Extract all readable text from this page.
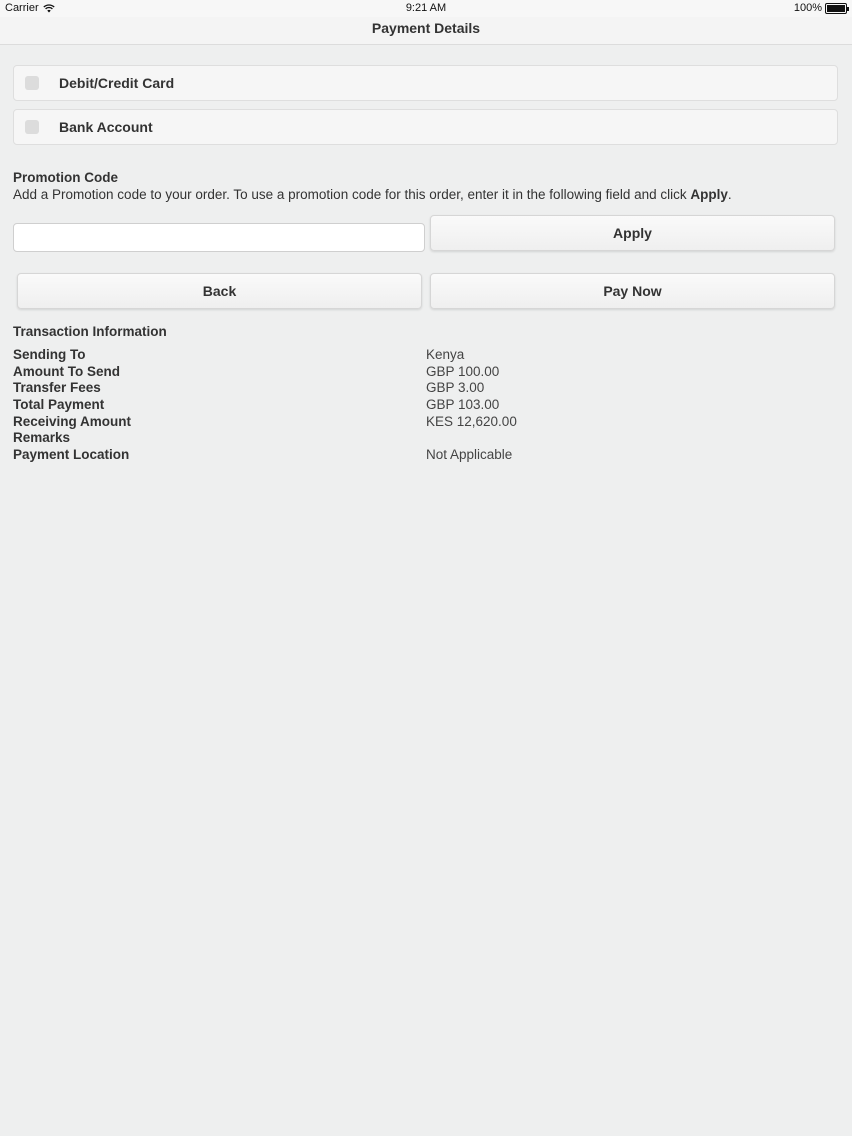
Carrier	9:21 AM	100%
Payment Details
Debit/Credit Card
Bank Account
Promotion Code
Add a Promotion code to your order. To use a promotion code for this order, enter it in the following field and click Apply.
Apply
Back	Pay Now
Transaction Information
Sending To	Kenya
Amount To Send	GBP 100.00
Transfer Fees	GBP 3.00
Total Payment	GBP 103.00
Receiving Amount	KES 12,620.00
Remarks
Payment Location	Not Applicable
